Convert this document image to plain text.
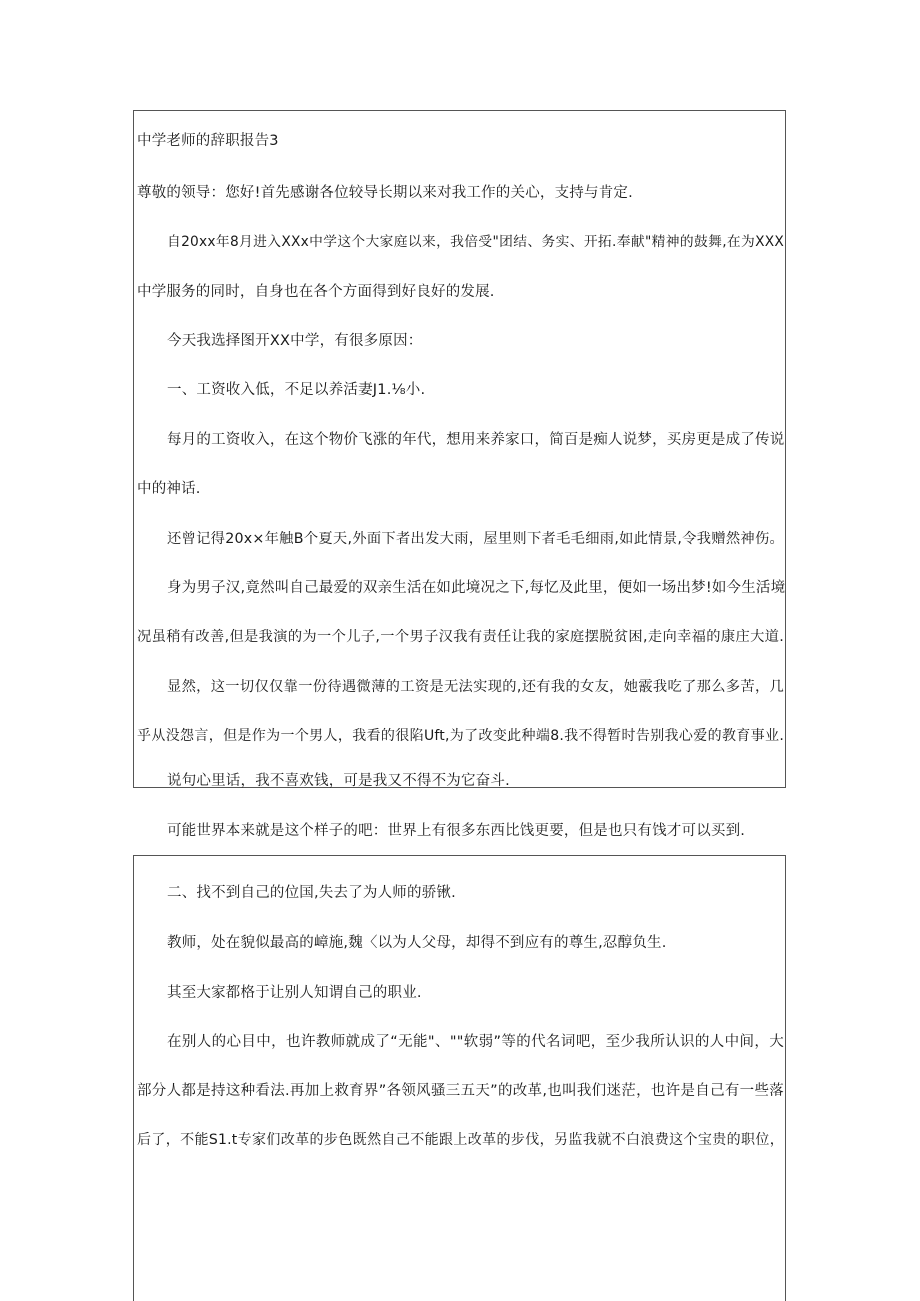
中学老师的辞职报告3
尊敬的领导：您好!首先感谢各位较导长期以来对我工作的关心，支持与肯定.
自20xx年8月进入XXx中学这个大家庭以来，我倍受"团结、务实、开拓.奉献"精神的鼓舞,在为XXX
中学服务的同时，自身也在各个方面得到好良好的发展.
今天我选择图开XX中学，有很多原因：
一、工资收入低，不足以养活妻J1.⅛小.
每月的工资收入，在这个物价飞涨的年代，想用来养家口，简百是痴人说梦，买房更是成了传说
中的神话.
还曾记得20x×年触B个夏天,外面下者出发大雨，屋里则下者毛毛细雨,如此情景,令我赠然神伤。
身为男子汉,竟然叫自己最爱的双亲生活在如此境况之下,每忆及此里，便如一场出梦!如今生活境
况虽稍有改善,但是我演的为一个儿子,一个男子汉我有责任让我的家庭摆脱贫困,走向幸福的康庄大道.
显然，这一切仅仅靠一份待遇微薄的工资是无法实现的,还有我的女友，她霰我吃了那么多苦，几
乎从没怨言，但是作为一个男人，我看的很陷Uft,为了改变此种端8.我不得暂时告别我心爱的教育事业.
说句心里话，我不喜欢钱，可是我又不得不为它奋斗.
可能世界本来就是这个样子的吧：世界上有很多东西比饯更要，但是也只有饯才可以买到.
二、找不到自己的位国,失去了为人师的骄锹.
教师，处在貌似最高的嶂施,魏〈以为人父母，却得不到应有的尊生,忍醇负生.
其至大家都格于让别人知谓自己的职业.
在别人的心目中，也许教师就成了“无能"、""软弱”等的代名词吧，至少我所认识的人中间，大
部分人都是持这种看法.再加上救育界”各领风骚三五天”的改革,也叫我们迷茫，也许是自己有一些落
后了，不能S1.t专家们改革的步色既然自己不能跟上改革的步伐，另监我就不白浪费这个宝贵的职位，
